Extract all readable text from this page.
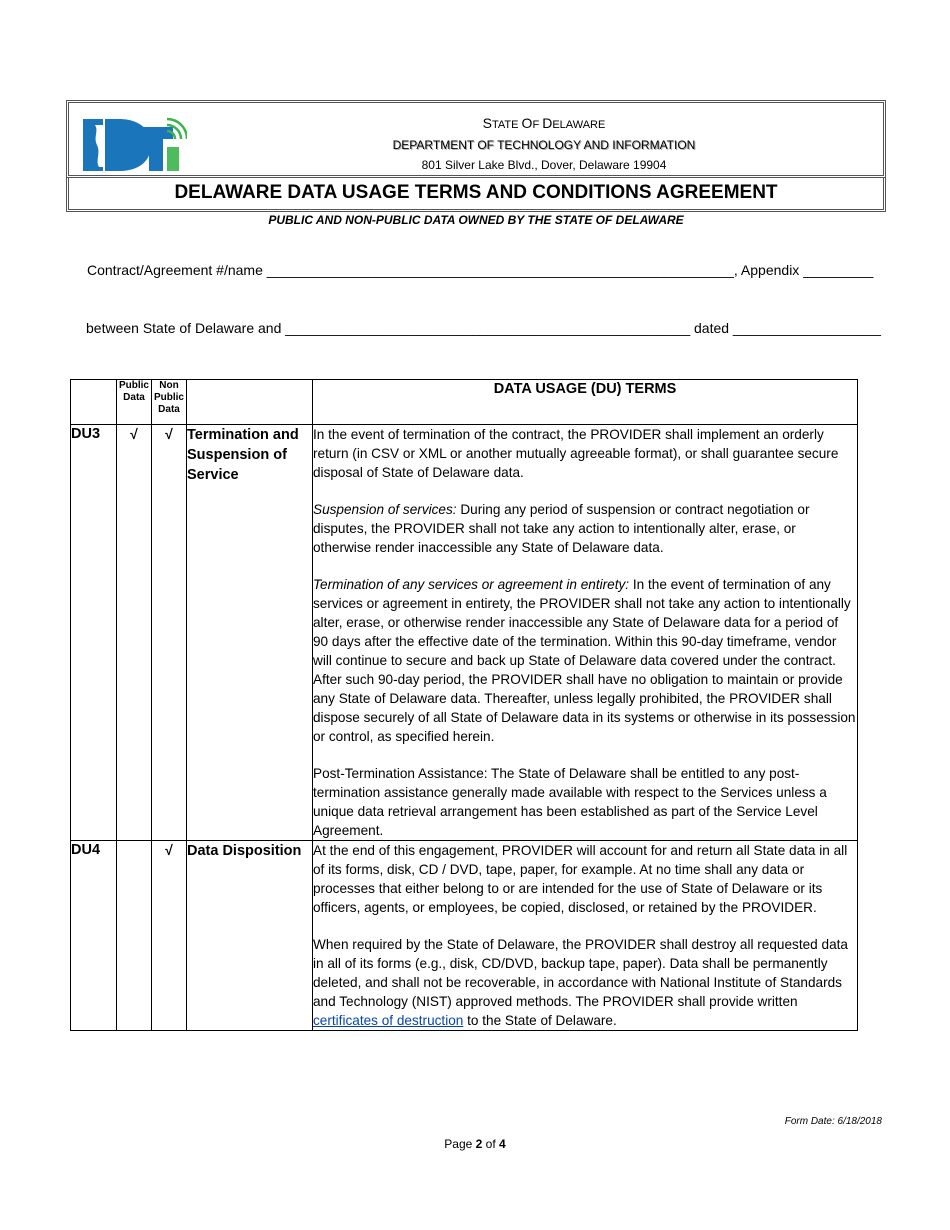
STATE OF DELAWARE
DEPARTMENT OF TECHNOLOGY AND INFORMATION
801 Silver Lake Blvd., Dover, Delaware 19904
DELAWARE DATA USAGE TERMS AND CONDITIONS AGREEMENT
PUBLIC AND NON-PUBLIC DATA OWNED BY THE STATE OF DELAWARE
Contract/Agreement #/name ____________________________________________________________, Appendix _________
between State of Delaware and ____________________________________________________ dated ___________________
	Public
Data	Non
Public
Data		DATA USAGE (DU) TERMS
DU3	√	√	Termination and Suspension of Service	In the event of termination of the contract, the PROVIDER shall implement an orderly return (in CSV or XML or another mutually agreeable format), or shall guarantee secure disposal of State of Delaware data.

Suspension of services: During any period of suspension or contract negotiation or disputes, the PROVIDER shall not take any action to intentionally alter, erase, or otherwise render inaccessible any State of Delaware data.

Termination of any services or agreement in entirety: In the event of termination of any services or agreement in entirety, the PROVIDER shall not take any action to intentionally alter, erase, or otherwise render inaccessible any State of Delaware data for a period of 90 days after the effective date of the termination. Within this 90-day timeframe, vendor will continue to secure and back up State of Delaware data covered under the contract. After such 90-day period, the PROVIDER shall have no obligation to maintain or provide any State of Delaware data. Thereafter, unless legally prohibited, the PROVIDER shall dispose securely of all State of Delaware data in its systems or otherwise in its possession or control, as specified herein.

Post-Termination Assistance: The State of Delaware shall be entitled to any post-termination assistance generally made available with respect to the Services unless a unique data retrieval arrangement has been established as part of the Service Level Agreement.

DU4		√	Data Disposition	At the end of this engagement, PROVIDER will account for and return all State data in all of its forms, disk, CD / DVD, tape, paper, for example. At no time shall any data or processes that either belong to or are intended for the use of State of Delaware or its officers, agents, or employees, be copied, disclosed, or retained by the PROVIDER.

When required by the State of Delaware, the PROVIDER shall destroy all requested data in all of its forms (e.g., disk, CD/DVD, backup tape, paper). Data shall be permanently deleted, and shall not be recoverable, in accordance with National Institute of Standards and Technology (NIST) approved methods. The PROVIDER shall provide written certificates of destruction to the State of Delaware.

Form Date: 6/18/2018
Page 2 of 4
